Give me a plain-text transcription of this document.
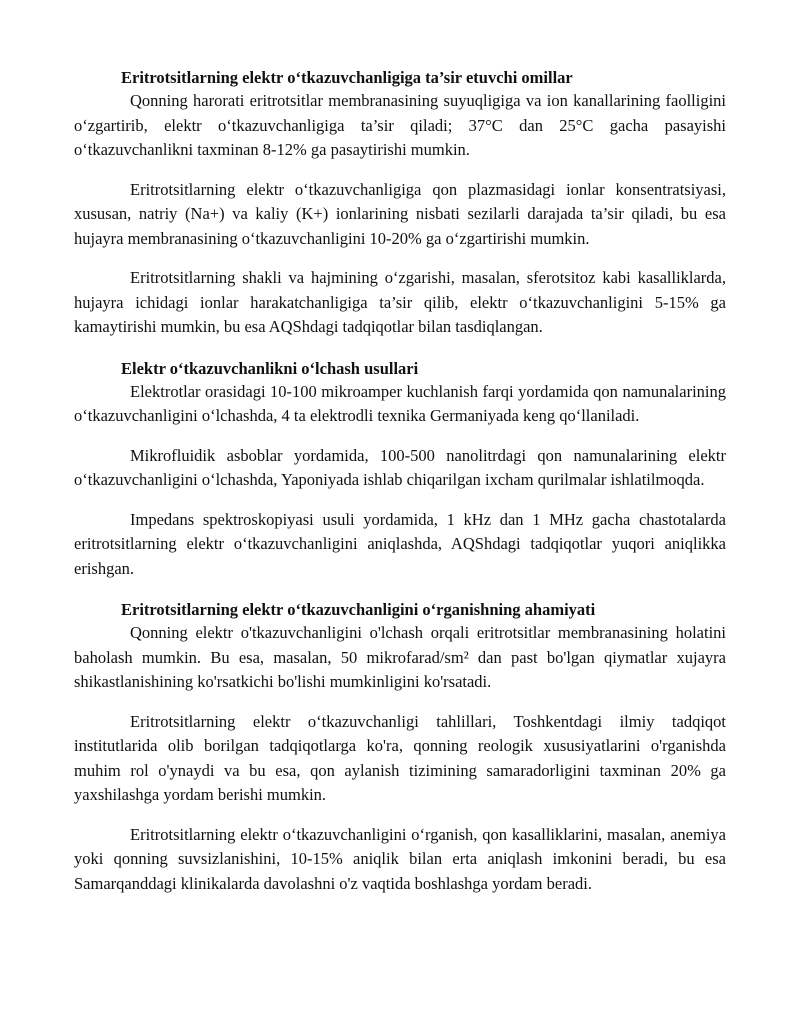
Eritrotsitlarning elektr o‘tkazuvchanligiga ta’sir etuvchi omillar

Qonning harorati eritrotsitlar membranasining suyuqligiga va ion kanallarining faolligini o‘zgartirib, elektr o‘tkazuvchanligiga ta’sir qiladi; 37°C dan 25°C gacha pasayishi o‘tkazuvchanlikni taxminan 8-12% ga pasaytirishi mumkin.

Eritrotsitlarning elektr o‘tkazuvchanligiga qon plazmasidagi ionlar konsentratsiyasi, xususan, natriy (Na+) va kaliy (K+) ionlarining nisbati sezilarli darajada ta’sir qiladi, bu esa hujayra membranasining o‘tkazuvchanligini 10-20% ga o‘zgartirishi mumkin.

Eritrotsitlarning shakli va hajmining o‘zgarishi, masalan, sferotsitoz kabi kasalliklarda, hujayra ichidagi ionlar harakatchanligiga ta’sir qilib, elektr o‘tkazuvchanligini 5-15% ga kamaytirishi mumkin, bu esa AQShdagi tadqiqotlar bilan tasdiqlangan.

Elektr o‘tkazuvchanlikni o‘lchash usullari

Elektrotlar orasidagi 10-100 mikroamper kuchlanish farqi yordamida qon namunalarining o‘tkazuvchanligini o‘lchashda, 4 ta elektrodli texnika Germaniyada keng qo‘llaniladi.

Mikrofluidik asboblar yordamida, 100-500 nanolitrdagi qon namunalarining elektr o‘tkazuvchanligini o‘lchashda, Yaponiyada ishlab chiqarilgan ixcham qurilmalar ishlatilmoqda.

Impedans spektroskopiyasi usuli yordamida, 1 kHz dan 1 MHz gacha chastotalarda eritrotsitlarning elektr o‘tkazuvchanligini aniqlashda, AQShdagi tadqiqotlar yuqori aniqlikka erishgan.

Eritrotsitlarning elektr o‘tkazuvchanligini o‘rganishning ahamiyati

Qonning elektr o'tkazuvchanligini o'lchash orqali eritrotsitlar membranasining holatini baholash mumkin. Bu esa, masalan, 50 mikrofarad/sm² dan past bo'lgan qiymatlar xujayra shikastlanishining ko'rsatkichi bo'lishi mumkinligini ko'rsatadi.

Eritrotsitlarning elektr o‘tkazuvchanligi tahlillari, Toshkentdagi ilmiy tadqiqot institutlarida olib borilgan tadqiqotlarga ko'ra, qonning reologik xususiyatlarini o'rganishda muhim rol o'ynaydi va bu esa, qon aylanish tizimining samaradorligini taxminan 20% ga yaxshilashga yordam berishi mumkin.

Eritrotsitlarning elektr o‘tkazuvchanligini o‘rganish, qon kasalliklarini, masalan, anemiya yoki qonning suvsizlanishini, 10-15% aniqlik bilan erta aniqlash imkonini beradi, bu esa Samarqanddagi klinikalarda davolashni o'z vaqtida boshlashga yordam beradi.
